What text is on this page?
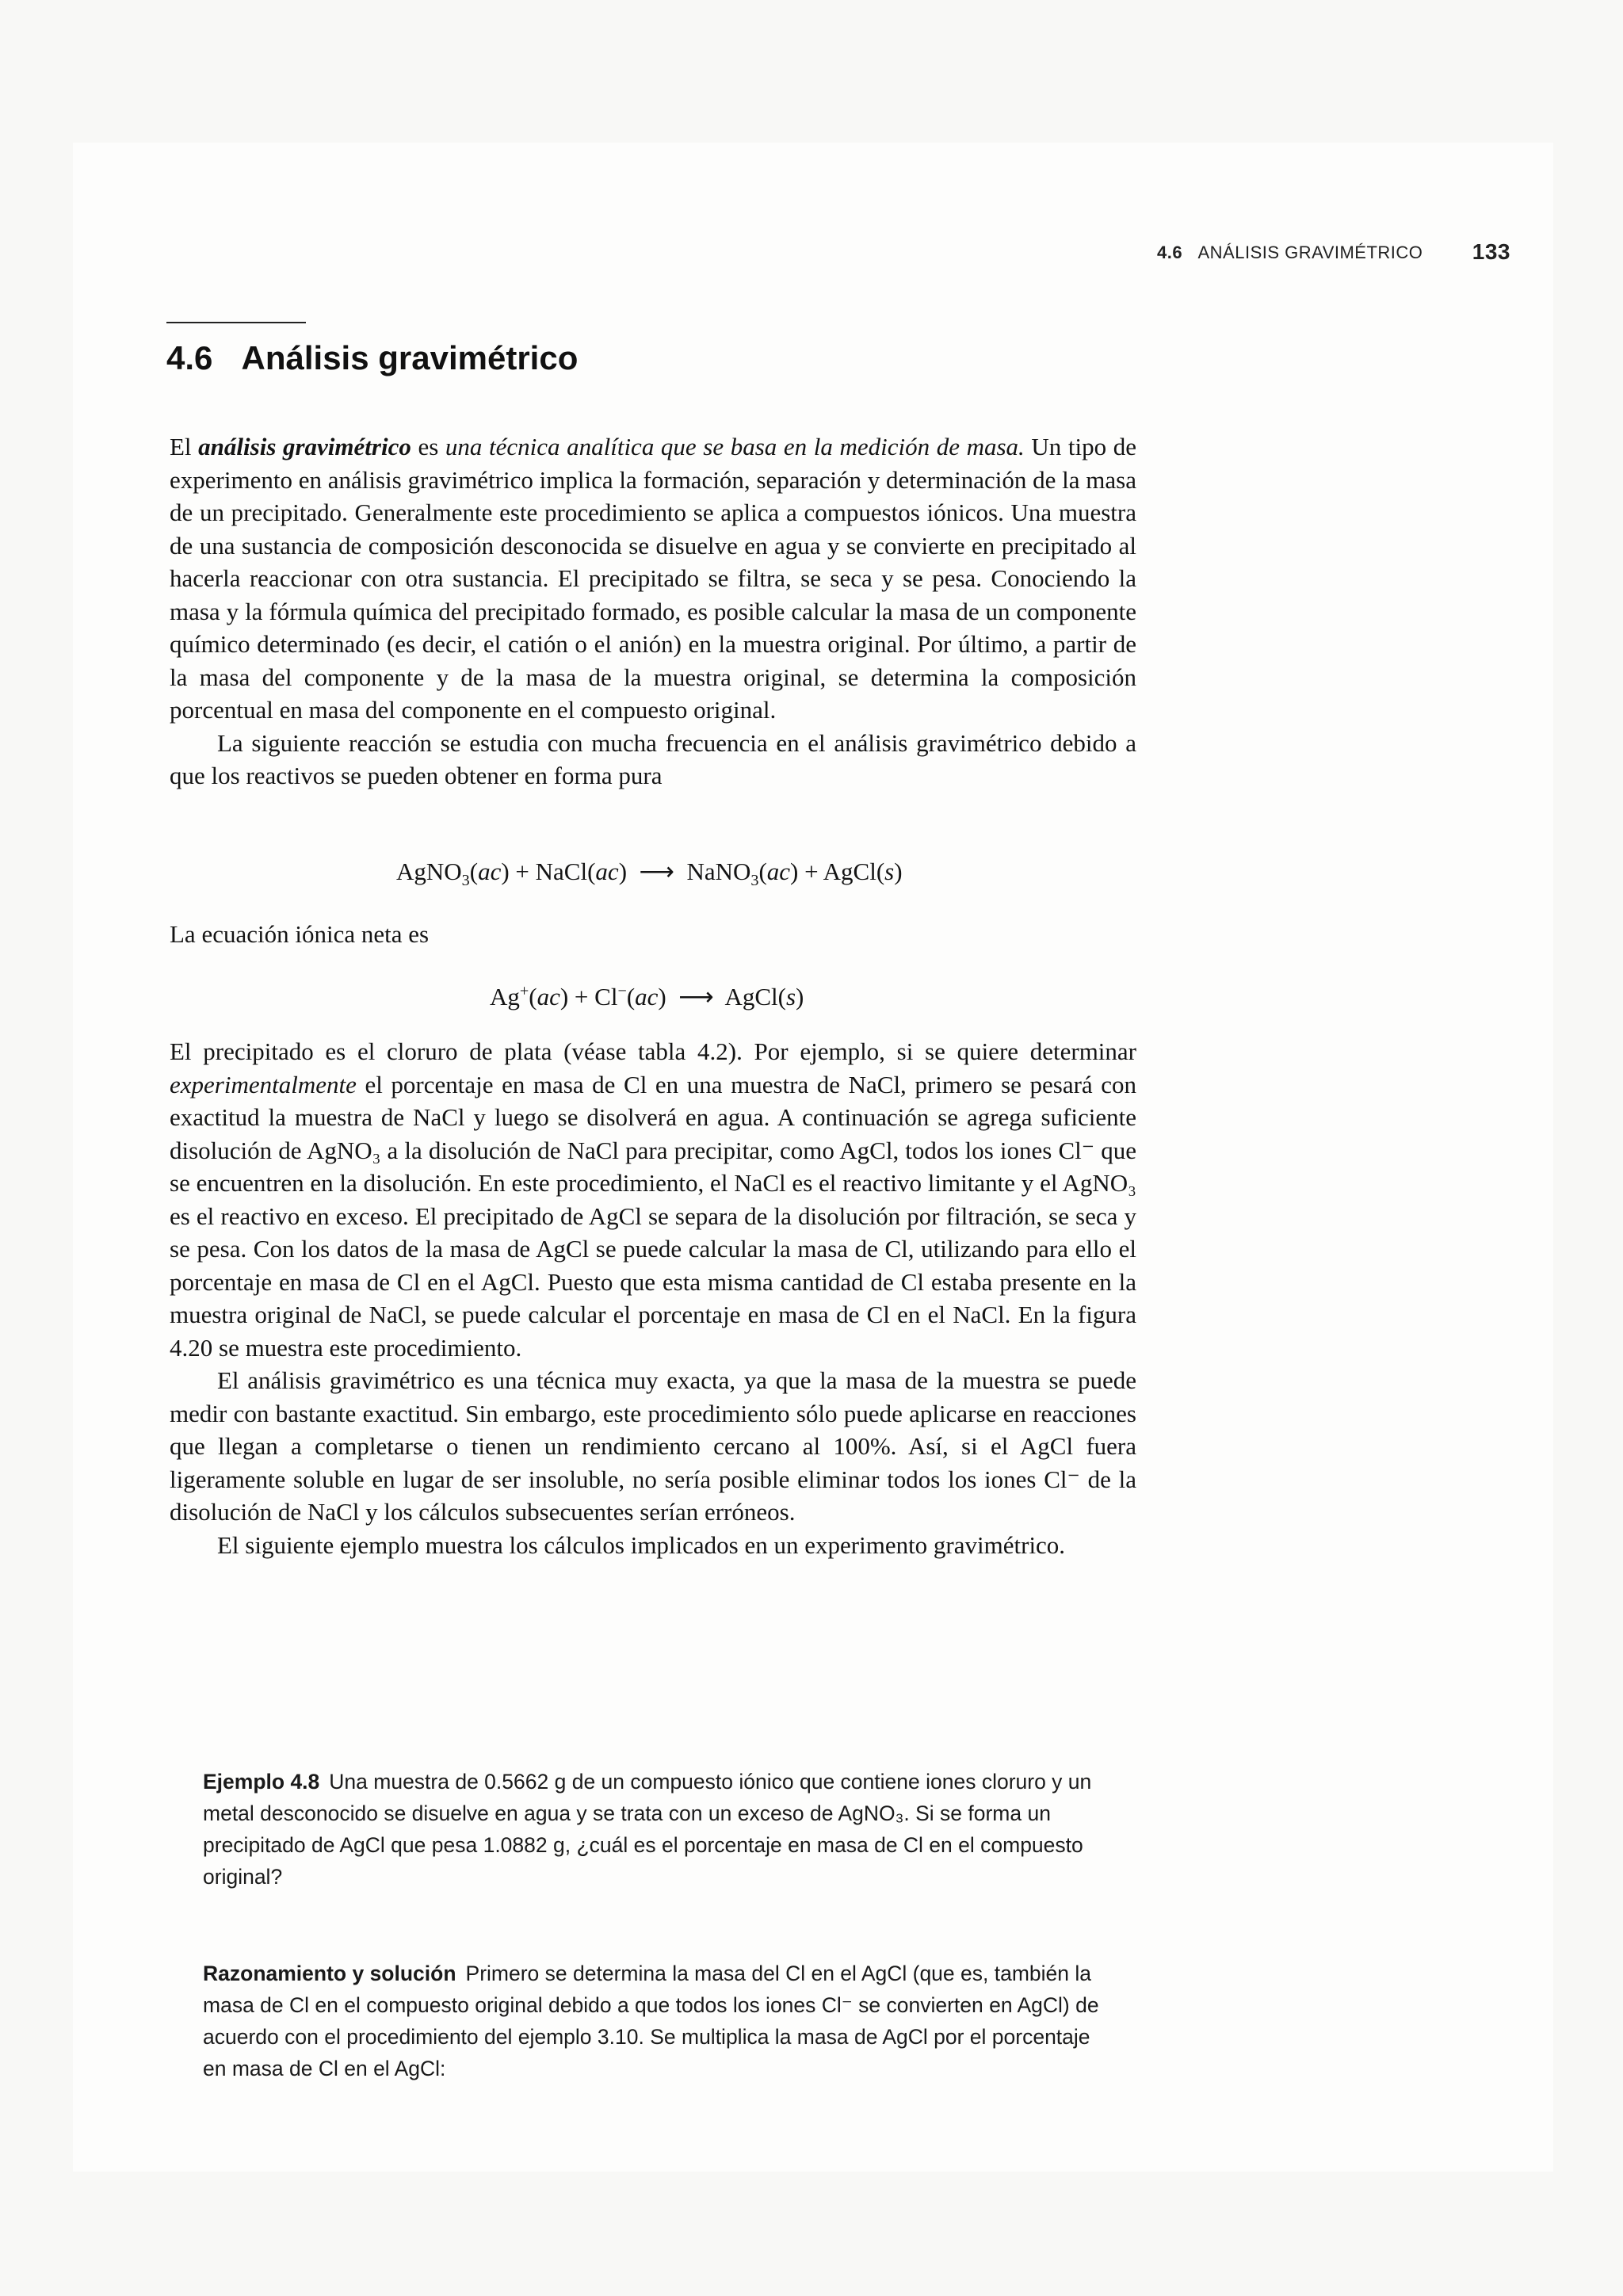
4.6 ANÁLISIS GRAVIMÉTRICO 133
4.6 Análisis gravimétrico

El análisis gravimétrico es una técnica analítica que se basa en la medición de masa. Un tipo de experimento en análisis gravimétrico implica la formación, separación y determinación de la masa de un precipitado. Generalmente este procedimiento se aplica a compuestos iónicos. Una muestra de una sustancia de composición desconocida se disuelve en agua y se convierte en precipitado al hacerla reaccionar con otra sustancia. El precipitado se filtra, se seca y se pesa. Conociendo la masa y la fórmula química del precipitado formado, es posible calcular la masa de un componente químico determinado (es decir, el catión o el anión) en la muestra original. Por último, a partir de la masa del componente y de la masa de la muestra original, se determina la composición porcentual en masa del componente en el compuesto original.

La siguiente reacción se estudia con mucha frecuencia en el análisis gravimétrico debido a que los reactivos se pueden obtener en forma pura

AgNO$_3$(ac) + NaCl(ac)  ⟶  NaNO$_3$(ac) + AgCl(s)

La ecuación iónica neta es

Ag+(ac) + Cl−(ac)  ⟶  AgCl(s)

El precipitado es el cloruro de plata (véase tabla 4.2). Por ejemplo, si se quiere determinar experimentalmente el porcentaje en masa de Cl en una muestra de NaCl, primero se pesará con exactitud la muestra de NaCl y luego se disolverá en agua. A continuación se agrega suficiente disolución de AgNO₃ a la disolución de NaCl para precipitar, como AgCl, todos los iones Cl⁻ que se encuentren en la disolución. En este procedimiento, el NaCl es el reactivo limitante y el AgNO₃ es el reactivo en exceso. El precipitado de AgCl se separa de la disolución por filtración, se seca y se pesa. Con los datos de la masa de AgCl se puede calcular la masa de Cl, utilizando para ello el porcentaje en masa de Cl en el AgCl. Puesto que esta misma cantidad de Cl estaba presente en la muestra original de NaCl, se puede calcular el porcentaje en masa de Cl en el NaCl. En la figura 4.20 se muestra este procedimiento.

El análisis gravimétrico es una técnica muy exacta, ya que la masa de la muestra se puede medir con bastante exactitud. Sin embargo, este procedimiento sólo puede aplicarse en reacciones que llegan a completarse o tienen un rendimiento cercano al 100%. Así, si el AgCl fuera ligeramente soluble en lugar de ser insoluble, no sería posible eliminar todos los iones Cl⁻ de la disolución de NaCl y los cálculos subsecuentes serían erróneos.

El siguiente ejemplo muestra los cálculos implicados en un experimento gravimétrico.

Ejemplo 4.8 Una muestra de 0.5662 g de un compuesto iónico que contiene iones cloruro y un metal desconocido se disuelve en agua y se trata con un exceso de AgNO₃. Si se forma un precipitado de AgCl que pesa 1.0882 g, ¿cuál es el porcentaje en masa de Cl en el compuesto original?
Razonamiento y solución Primero se determina la masa del Cl en el AgCl (que es, también la masa de Cl en el compuesto original debido a que todos los iones Cl⁻ se convierten en AgCl) de acuerdo con el procedimiento del ejemplo 3.10. Se multiplica la masa de AgCl por el porcentaje en masa de Cl en el AgCl:
